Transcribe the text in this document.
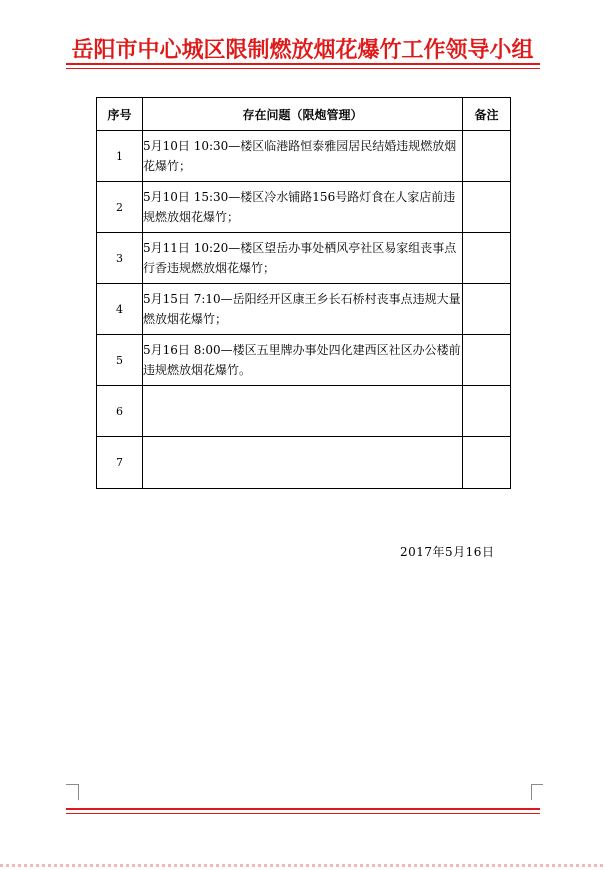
岳阳市中心城区限制燃放烟花爆竹工作领导小组
序号	存在问题（限炮管理）	备注
1	5月10日 10:30—楼区临港路恒泰雅园居民结婚违规燃放烟花爆竹；	
2	5月10日 15:30—楼区冷水铺路156号路灯食在人家店前违规燃放烟花爆竹；	
3	5月11日 10:20—楼区望岳办事处栖风亭社区易家组丧事点行香违规燃放烟花爆竹；	
4	5月15日 7:10—岳阳经开区康王乡长石桥村丧事点违规大量燃放烟花爆竹；	
5	5月16日 8:00—楼区五里牌办事处四化建西区社区办公楼前违规燃放烟花爆竹。	
6		
7		
2017年5月16日
